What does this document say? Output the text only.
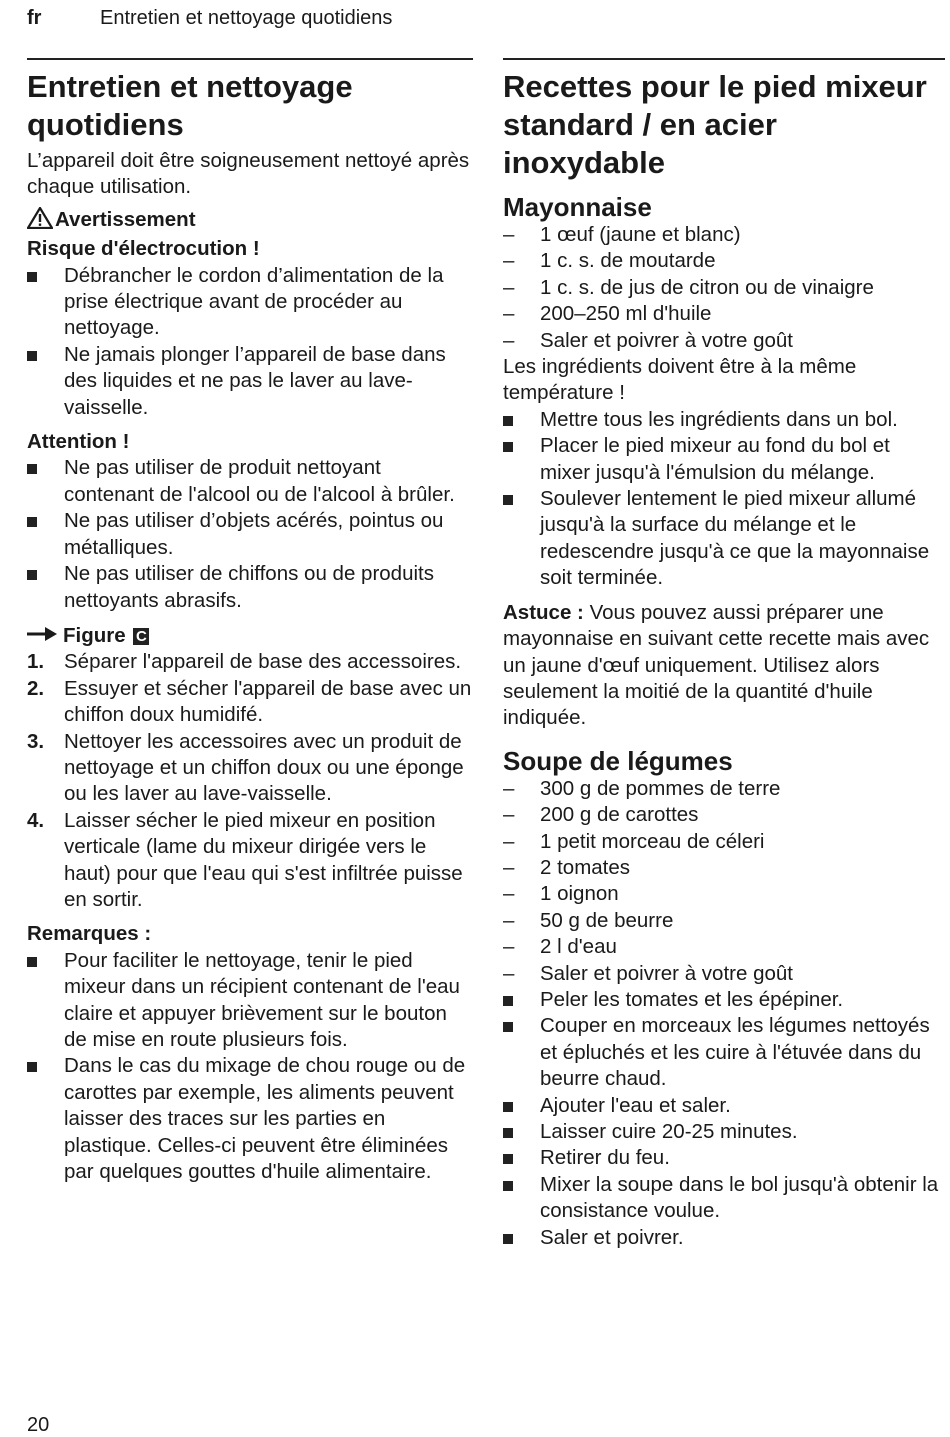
fr	Entretien et nettoyage quotidiens
Entretien et nettoyage quotidiens

L’appareil doit être soigneusement nettoyé après chaque utilisation.

Avertissement
Risque d'électrocution !
Débrancher le cordon d’alimentation de la prise électrique avant de procéder au nettoyage.
Ne jamais plonger l’appareil de base dans des liquides et ne pas le laver au lave-vaisselle.
Attention !
Ne pas utiliser de produit nettoyant contenant de l'alcool ou de l'alcool à brûler.
Ne pas utiliser d’objets acérés, pointus ou métalliques.
Ne pas utiliser de chiffons ou de produits nettoyants abrasifs.
Figure C
1. Séparer l'appareil de base des accessoires.
2. Essuyer et sécher l'appareil de base avec un chiffon doux humidifé.
3. Nettoyer les accessoires avec un produit de nettoyage et un chiffon doux ou une éponge ou les laver au lave-vaisselle.
4. Laisser sécher le pied mixeur en position verticale (lame du mixeur dirigée vers le haut) pour que l'eau qui s'est infiltrée puisse en sortir.
Remarques :
Pour faciliter le nettoyage, tenir le pied mixeur dans un récipient contenant de l'eau claire et appuyer brièvement sur le bouton de mise en route plusieurs fois.
Dans le cas du mixage de chou rouge ou de carottes par exemple, les aliments peuvent laisser des traces sur les parties en plastique. Celles-ci peuvent être éliminées par quelques gouttes d'huile alimentaire.
Recettes pour le pied mixeur standard / en acier inoxydable
Mayonnaise
–	1 œuf (jaune et blanc)
–	1 c. s. de moutarde
–	1 c. s. de jus de citron ou de vinaigre
–	200–250 ml d'huile
–	Saler et poivrer à votre goût

Les ingrédients doivent être à la même température !

Mettre tous les ingrédients dans un bol.
Placer le pied mixeur au fond du bol et mixer jusqu'à l'émulsion du mélange.
Soulever lentement le pied mixeur allumé jusqu'à la surface du mélange et le redescendre jusqu'à ce que la mayonnaise soit terminée.

Astuce : Vous pouvez aussi préparer une mayonnaise en suivant cette recette mais avec un jaune d'œuf uniquement. Utilisez alors seulement la moitié de la quantité d'huile indiquée.

Soupe de légumes
–	300 g de pommes de terre
–	200 g de carottes
–	1 petit morceau de céleri
–	2 tomates
–	1 oignon
–	50 g de beurre
–	2 l d'eau
–	Saler et poivrer à votre goût
Peler les tomates et les épépiner.
Couper en morceaux les légumes nettoyés et épluchés et les cuire à l'étuvée dans du beurre chaud.
Ajouter l'eau et saler.
Laisser cuire 20-25 minutes.
Retirer du feu.
Mixer la soupe dans le bol jusqu'à obtenir la consistance voulue.
Saler et poivrer.
20
